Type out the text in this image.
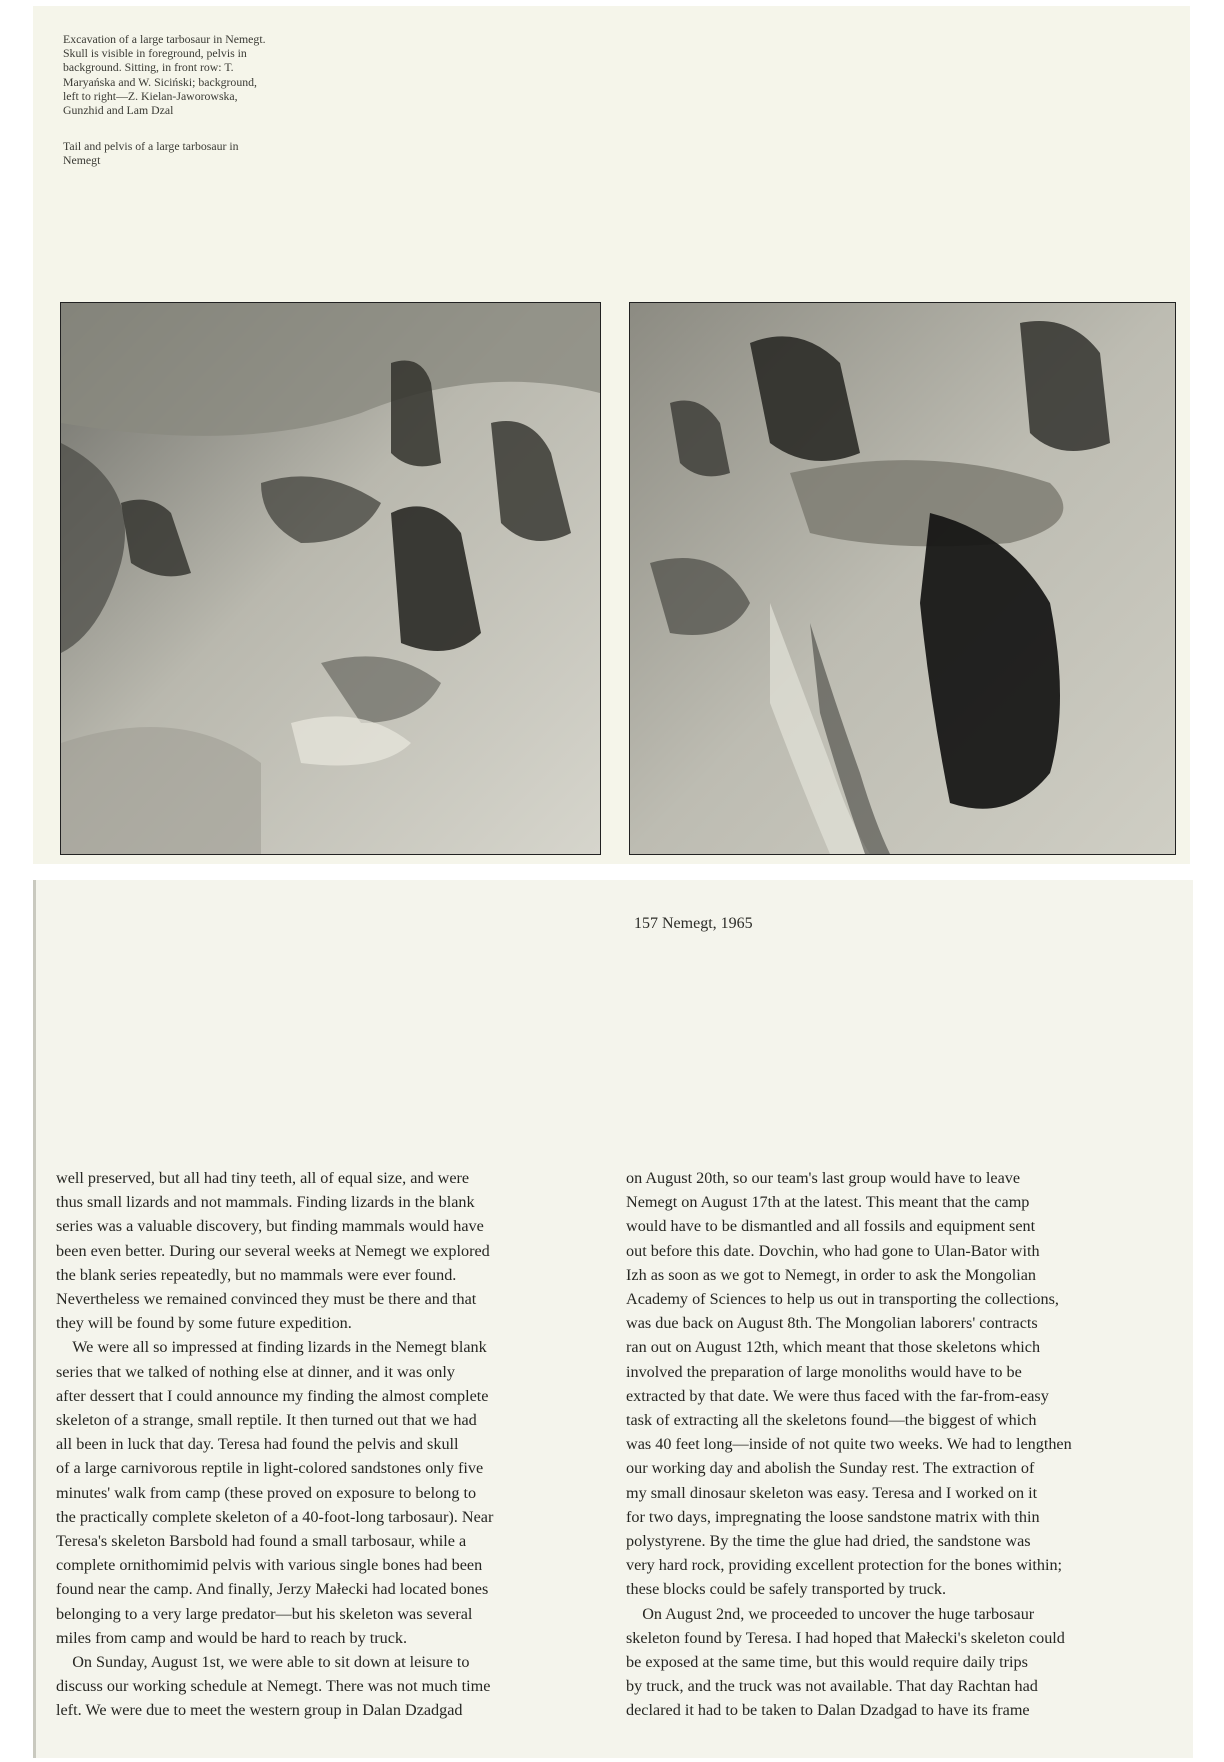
Excavation of a large tarbosaur in Nemegt.
Skull is visible in foreground, pelvis in
background. Sitting, in front row: T.
Maryańska and W. Siciński; background,
left to right—Z. Kielan-Jaworowska,
Gunzhid and Lam Dzal

Tail and pelvis of a large tarbosaur in
Nemegt

157 Nemegt, 1965

well preserved, but all had tiny teeth, all of equal size, and were

thus small lizards and not mammals. Finding lizards in the blank

series was a valuable discovery, but finding mammals would have

been even better. During our several weeks at Nemegt we explored

the blank series repeatedly, but no mammals were ever found.

Nevertheless we remained convinced they must be there and that

they will be found by some future expedition.

 We were all so impressed at finding lizards in the Nemegt blank

series that we talked of nothing else at dinner, and it was only

after dessert that I could announce my finding the almost complete

skeleton of a strange, small reptile. It then turned out that we had

all been in luck that day. Teresa had found the pelvis and skull

of a large carnivorous reptile in light-colored sandstones only five

minutes' walk from camp (these proved on exposure to belong to

the practically complete skeleton of a 40-foot-long tarbosaur). Near

Teresa's skeleton Barsbold had found a small tarbosaur, while a

complete ornithomimid pelvis with various single bones had been

found near the camp. And finally, Jerzy Małecki had located bones

belonging to a very large predator—but his skeleton was several

miles from camp and would be hard to reach by truck.

 On Sunday, August 1st, we were able to sit down at leisure to

discuss our working schedule at Nemegt. There was not much time

left. We were due to meet the western group in Dalan Dzadgad

on August 20th, so our team's last group would have to leave

Nemegt on August 17th at the latest. This meant that the camp

would have to be dismantled and all fossils and equipment sent

out before this date. Dovchin, who had gone to Ulan-Bator with

Izh as soon as we got to Nemegt, in order to ask the Mongolian

Academy of Sciences to help us out in transporting the collections,

was due back on August 8th. The Mongolian laborers' contracts

ran out on August 12th, which meant that those skeletons which

involved the preparation of large monoliths would have to be

extracted by that date. We were thus faced with the far-from-easy

task of extracting all the skeletons found—the biggest of which

was 40 feet long—inside of not quite two weeks. We had to lengthen

our working day and abolish the Sunday rest. The extraction of

my small dinosaur skeleton was easy. Teresa and I worked on it

for two days, impregnating the loose sandstone matrix with thin

polystyrene. By the time the glue had dried, the sandstone was

very hard rock, providing excellent protection for the bones within;

these blocks could be safely transported by truck.

 On August 2nd, we proceeded to uncover the huge tarbosaur

skeleton found by Teresa. I had hoped that Małecki's skeleton could

be exposed at the same time, but this would require daily trips

by truck, and the truck was not available. That day Rachtan had

declared it had to be taken to Dalan Dzadgad to have its frame
